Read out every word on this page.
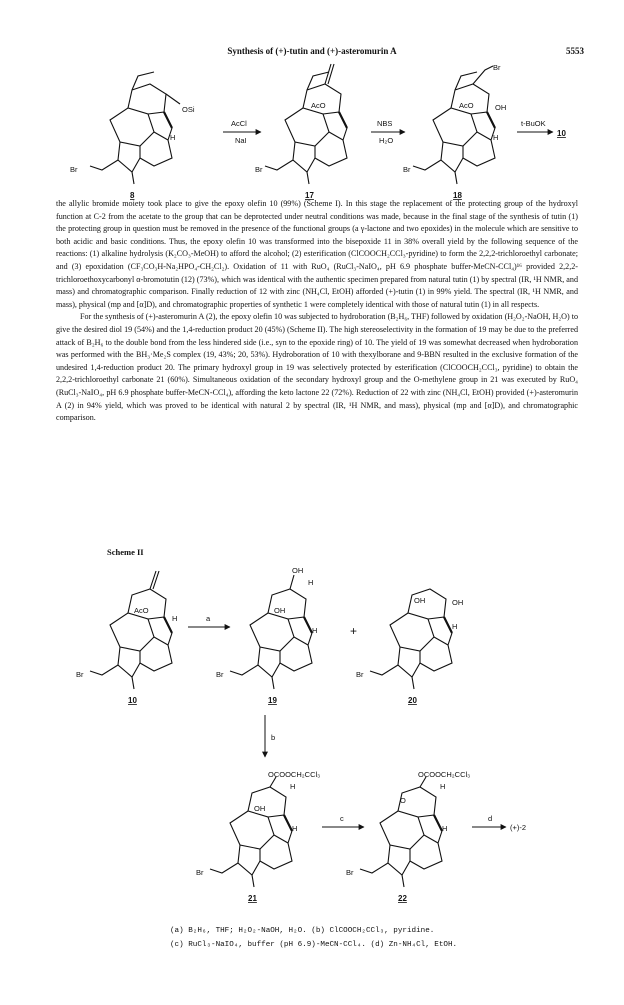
Synthesis of (+)-tutin and (+)-asteromurin A	5553
OSi
H
Br
8
AcCl
NaI
AcO
Br
17
NBS
H₂O
Br
AcO	OH
H
Br
18
t-BuOK
10

the allylic bromide moiety took place to give the epoxy olefin 10 (99%) (Scheme I). In this stage the replacement of the protecting group of the hydroxyl function at C-2 from the acetate to the group that can be deprotected under neutral conditions was made, because in the final stage of the synthesis of tutin (1) the protecting group in question must be removed in the presence of the functional groups (a γ-lactone and two epoxides) in the molecule which are sensitive to both acidic and basic conditions. Thus, the epoxy olefin 10 was transformed into the bisepoxide 11 in 38% overall yield by the following sequence of the reactions: (1) alkaline hydrolysis (K₂CO₃-MeOH) to afford the alcohol; (2) esterification (ClCOOCH₂CCl₃-pyridine) to form the 2,2,2-trichloroethyl carbonate; and (3) epoxidation (CF₃CO₃H-Na₂HPO₄-CH₂Cl₂). Oxidation of 11 with RuO₄ (RuCl₃-NaIO₄, pH 6.9 phosphate buffer-MeCN-CCl₄)¹⁶ provided 2,2,2-trichloroethoxycarbonyl α-bromotutin (12) (73%), which was identical with the authentic specimen prepared from natural tutin (1) by spectral (IR, ¹H NMR, and mass) and chromatographic comparison. Finally reduction of 12 with zinc (NH₄Cl, EtOH) afforded (+)-tutin (1) in 99% yield. The spectral (IR, ¹H NMR, and mass), physical (mp and [α]D), and chromatographic properties of synthetic 1 were completely identical with those of natural tutin (1) in all respects.

For the synthesis of (+)-asteromurin A (2), the epoxy olefin 10 was subjected to hydroboration (B₂H₆, THF) followed by oxidation (H₂O₂-NaOH, H₂O) to give the desired diol 19 (54%) and the 1,4-reduction product 20 (45%) (Scheme II). The high stereoselectivity in the formation of 19 may be due to the preferred attack of B₂H₆ to the double bond from the less hindered side (i.e., syn to the epoxide ring) of 10. The yield of 19 was somewhat decreased when hydroboration was performed with the BH₃·Me₂S complex (19, 43%; 20, 53%). Hydroboration of 10 with thexylborane and 9-BBN resulted in the exclusive formation of the undesired 1,4-reduction product 20. The primary hydroxyl group in 19 was selectively protected by esterification (ClCOOCH₂CCl₃, pyridine) to obtain the 2,2,2-trichloroethyl carbonate 21 (60%). Simultaneous oxidation of the secondary hydroxyl group and the O-methylene group in 21 was executed by RuO₄ (RuCl₃-NaIO₄, pH 6.9 phosphate buffer-MeCN-CCl₄), affording the keto lactone 22 (72%). Reduction of 22 with zinc (NH₄Cl, EtOH) provided (+)-asteromurin A (2) in 94% yield, which was proved to be identical with natural 2 by spectral (IR, ¹H NMR, and mass), physical (mp and [α]D), and chromatographic comparison.

Scheme II
AcO
H
Br
10
a
OH
H
OH
H
Br
19
+
OH	OH
H
Br
20
b
OCOOCH₂CCl₃
H
OH
H
Br
21
c
OCOOCH₂CCl₃
H
O
H
Br
22
d
(+)-2
(a) B₂H₆, THF; H₂O₂-NaOH, H₂O. (b) ClCOOCH₂CCl₃, pyridine.
(c) RuCl₃-NaIO₄, buffer (pH 6.9)-MeCN-CCl₄. (d) Zn-NH₄Cl, EtOH.
